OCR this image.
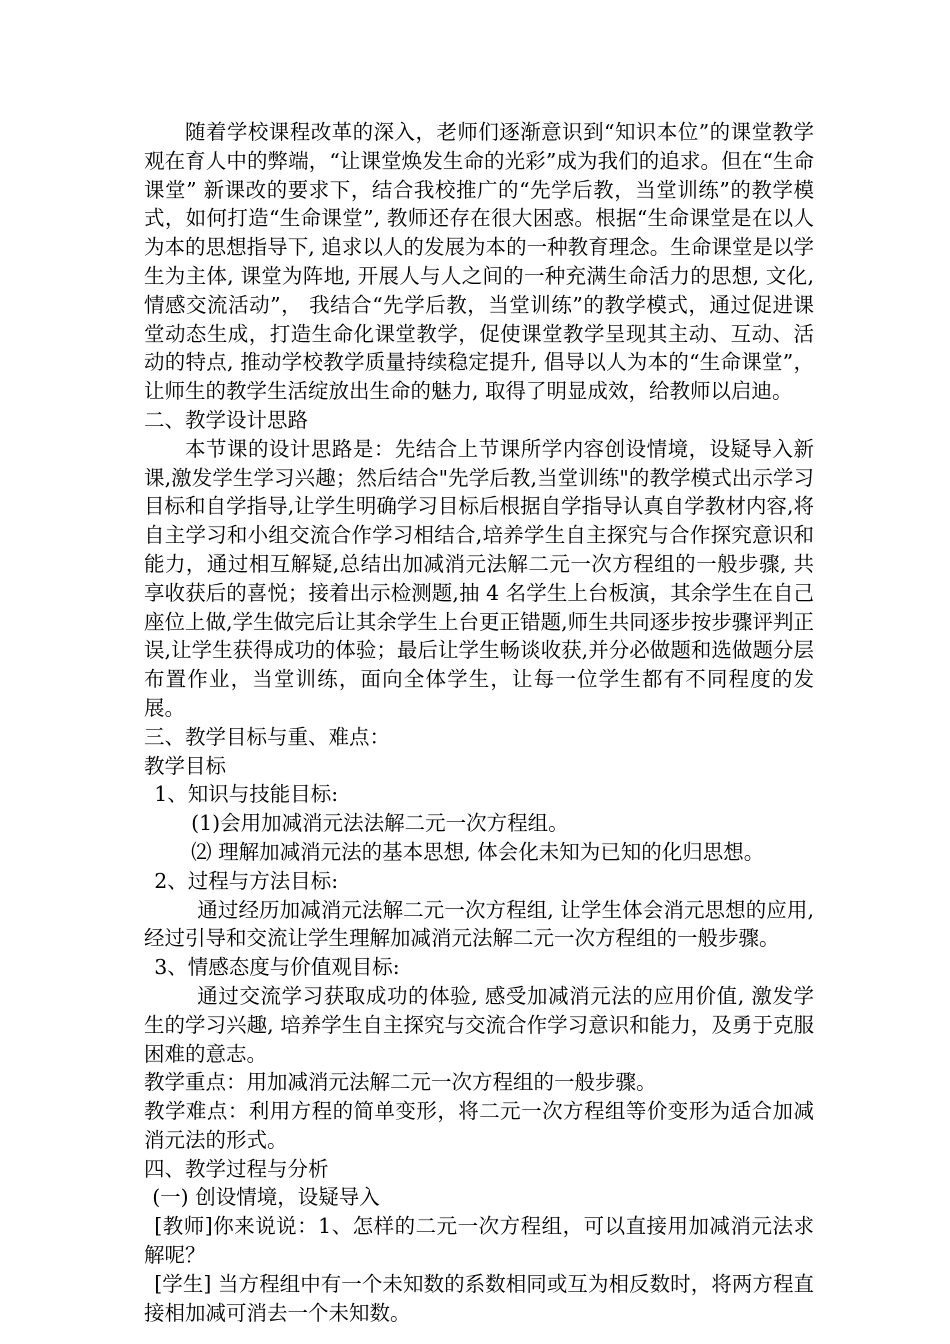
随着学校课程改革的深入，老师们逐渐意识到“知识本位”的课堂教学观在育人中的弊端，“让课堂焕发生命的光彩”成为我们的追求。但在“生命课堂” 新课改的要求下，结合我校推广的“先学后教，当堂训练”的教学模式，如何打造“生命课堂”, 教师还存在很大困惑。根据“生命课堂是在以人为本的思想指导下, 追求以人的发展为本的一种教育理念。生命课堂是以学生为主体, 课堂为阵地, 开展人与人之间的一种充满生命活力的思想, 文化, 情感交流活动”， 我结合“先学后教，当堂训练”的教学模式，通过促进课堂动态生成，打造生命化课堂教学，促使课堂教学呈现其主动、互动、活动的特点, 推动学校教学质量持续稳定提升, 倡导以人为本的“生命课堂”， 让师生的教学生活绽放出生命的魅力, 取得了明显成效，给教师以启迪。

二、教学设计思路

本节课的设计思路是：先结合上节课所学内容创设情境，设疑导入新课,激发学生学习兴趣；然后结合"先学后教,当堂训练"的教学模式出示学习目标和自学指导,让学生明确学习目标后根据自学指导认真自学教材内容,将自主学习和小组交流合作学习相结合,培养学生自主探究与合作探究意识和能力，通过相互解疑,总结出加减消元法解二元一次方程组的一般步骤, 共享收获后的喜悦；接着出示检测题,抽 4 名学生上台板演，其余学生在自己座位上做,学生做完后让其余学生上台更正错题,师生共同逐步按步骤评判正误,让学生获得成功的体验；最后让学生畅谈收获,并分必做题和选做题分层布置作业，当堂训练，面向全体学生，让每一位学生都有不同程度的发展。

三、教学目标与重、难点：

教学目标

1、知识与技能目标:

(1)会用加减消元法法解二元一次方程组。

⑵ 理解加减消元法的基本思想, 体会化未知为已知的化归思想。

2、过程与方法目标:

通过经历加减消元法解二元一次方程组, 让学生体会消元思想的应用, 经过引导和交流让学生理解加减消元法解二元一次方程组的一般步骤。

3、情感态度与价值观目标:

通过交流学习获取成功的体验, 感受加减消元法的应用价值, 激发学生的学习兴趣, 培养学生自主探究与交流合作学习意识和能力，及勇于克服困难的意志。

教学重点：用加减消元法解二元一次方程组的一般步骤。

教学难点：利用方程的简单变形，将二元一次方程组等价变形为适合加减消元法的形式。

四、教学过程与分析

(一) 创设情境，设疑导入

[教师]你来说说：1、怎样的二元一次方程组，可以直接用加减消元法求解呢？

[学生] 当方程组中有一个未知数的系数相同或互为相反数时，将两方程直接相加减可消去一个未知数。
